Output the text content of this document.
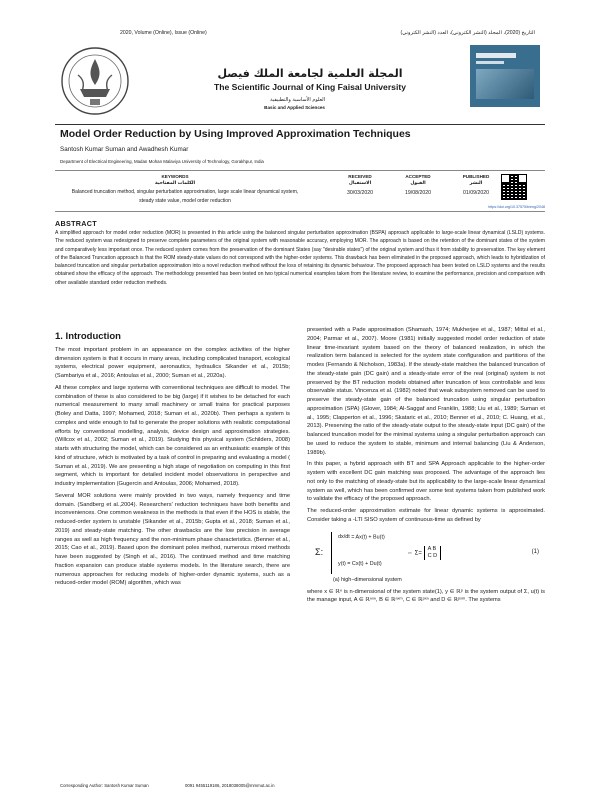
2020, Volume (Online), Issue (Online)	التاريخ (2020)، المجلد (النشر الكتروني)، العدد (النشر الكتروني)
المجلة العلمية لجامعة الملك فيصل
The Scientific Journal of King Faisal University
العلوم الأساسية والتطبيقية
Basic and Applied Sciences
Model Order Reduction by Using Improved Approximation Techniques
Santosh Kumar Suman and Awadhesh Kumar
Department of Electrical Engineering, Madan Mohan Malaviya University of Technology, Gorakhpur, India
KEYWORDS
الكلمات المفتاحية
Balanced truncation method, singular perturbation approximation, large scale linear dynamical system, steady state value, model order reduction
RECEIVED
الاستقبال
30/03/2020
ACCEPTED
القبول
19/08/2020
PUBLISHED
النشر
01/09/2020
https://doi.org/10.37575/b/eng/2048
ABSTRACT
A simplified approach for model order reduction (MOR) is presented in this article using the balanced singular perturbation approximation (BSPA) approach applicable to large-scale linear dynamical (LSLD) systems. The reduced system was redesigned to preserve complete parameters of the original system with reasonable accuracy, employing MOR. The approach is based on the retention of the dominant states of the system and comparatively less important once. The reduced system comes from the preservation of the dominant States (say "desirable states") of the original system and thus it from stability to preservation. The key element of the Balanced Truncation approach is that the ROM steady-state values do not correspond with the higher-order systems. This drawback has been eliminated in the proposed approach, which leads to hybridization of balanced truncation and singular perturbation approximation into a novel reduction method without the loss of retaining its dynamic behaviour. The proposed approach has been tested on LSLD systems and the results obtained show the efficacy of the approach. The methodology presented has been tested on two typical numerical examples taken from the literature review, to examine the performance, precision and comparison with other available standard order reduction methods.
1. Introduction

The most important problem in an appearance on the complex activities of the higher dimension system is that it occurs in many areas, including complicated transport, ecological systems, electrical power equipment, aeronautics, hydraulics Sikander et al., 2015b; (Sambariya et al., 2016; Antoulas et al., 2000; Suman et al., 2020a).

All these complex and large systems with conventional techniques are difficult to model. The combination of these is also considered to be big (large) if it wishes to be detached for each numerical measurement to many small machinery or small trains for practical purposes (Boley and Datta, 1997; Mohamed, 2018; Suman et al., 2020b). Then perhaps a system is complex and wide enough to fail to generate the proper solutions with realistic computational efforts by conventional modelling, analysis, device design and approximation strategies. (Willcox et al., 2002; Suman et al., 2019). Studying this physical system (Schilders, 2008) starts with structuring the model, which can be considered as an enthusiastic example of this kind of structure, which is motivated by a task of control in preparing and evaluating a model ( Suman et al., 2019). We are presenting a high stage of negotiation on computing in this first segment, which is important for detailed incident model observations in perspective and industry implementation (Gugercin and Antoulas, 2006; Mohamed, 2018).

Several MOR solutions were mainly provided in two ways, namely frequency and time domain. (Sandberg et al.,2004). Researchers' reduction techniques have both benefits and inconveniences. One common weakness in the methods is that even if the HOS is stable, the reduced-order system is unstable (Sikander et al., 2015b; Gupta et al., 2018; Suman et al., 2019) and steady-state matching. The other drawbacks are the low precision in average ranges as well as high frequency and the non-minimum phase characteristics. (Benner et al., 2015; Cao et al., 2019). Based upon the dominant poles method, numerous mixed methods have been suggested by (Singh et al., 2016). The continued method and time matching fraction expansion can produce stable systems models. In the literature search, there are numerous approaches for reducing models of higher-order dynamic systems, such as a reduced-order model (ROM) algorithm, which was

presented with a Pade approximation (Shamash, 1974; Mukherjee et al., 1987; Mittal et al., 2004; Parmar et al., 2007). Moore (1981) initially suggested model order reduction of state linear time-invariant system based on the theory of balanced realization, in which the realization term balanced is selected for the system state configuration and partitions of the modes (Fernando & Nicholson, 1983a). If the steady-state matches the balanced truncation of the steady-state gain (DC gain) and a steady-state error of the real (original) system is not preserved by the BT reduction models obtained after truncation of less controllable and less observable status. Vincenza et al. (1982) noted that weak subsystem removed can be used to preserve the steady-state gain of the balanced truncation using singular perturbation approximation (SPA) (Glover, 1984; Al-Saggaf and Franklin, 1988; Liu et al., 1989; Suman et al., 1995; Clapperton et al., 1996; Skataric et al., 2010; Benner et al., 2010; C. Huang, et al., 2013). Preserving the ratio of the steady-state output to the steady-state input (DC gain) of the balanced truncation model for the minimal systems using a singular perturbation approach can be used to reduce the system to stable, minimum and internal balancing (Liu & Anderson, 1989b).

In this paper, a hybrid approach with BT and SPA Approach applicable to the higher-order system with excellent DC gain matching was proposed. The advantage of the approach lies not only to the matching of steady-state but its applicability to the large-scale linear dynamical system as well, which has been confirmed over some test systems taken from published work to validate the efficacy of the proposed approach.

The reduced-order approximation estimate for linear dynamic systems is approximated. Consider taking a -LTI SISO system of continuous-time as defined by

Σ:
dx/dt = Ax(t) + Bu(t)
y(t) = Cx(t) + Du(t)
⇔ Σ= A B
C D
(1)
(a) high−dimensional system

where x ∈ ℝⁿ is n-dimensional of the system state(1), y ∈ ℝᵖ is the system output of Σ, u(t) is the manage input, A ∈ ℝⁿˣⁿ, B ∈ ℝⁿˣᵐ, C ∈ ℝᵖˣⁿ and D ∈ ℝᵖˣᵐ. The systems

Corresponding Author: Santosh Kumar Suman	0091 9455119186, 2018038005@mmmut.ac.in
